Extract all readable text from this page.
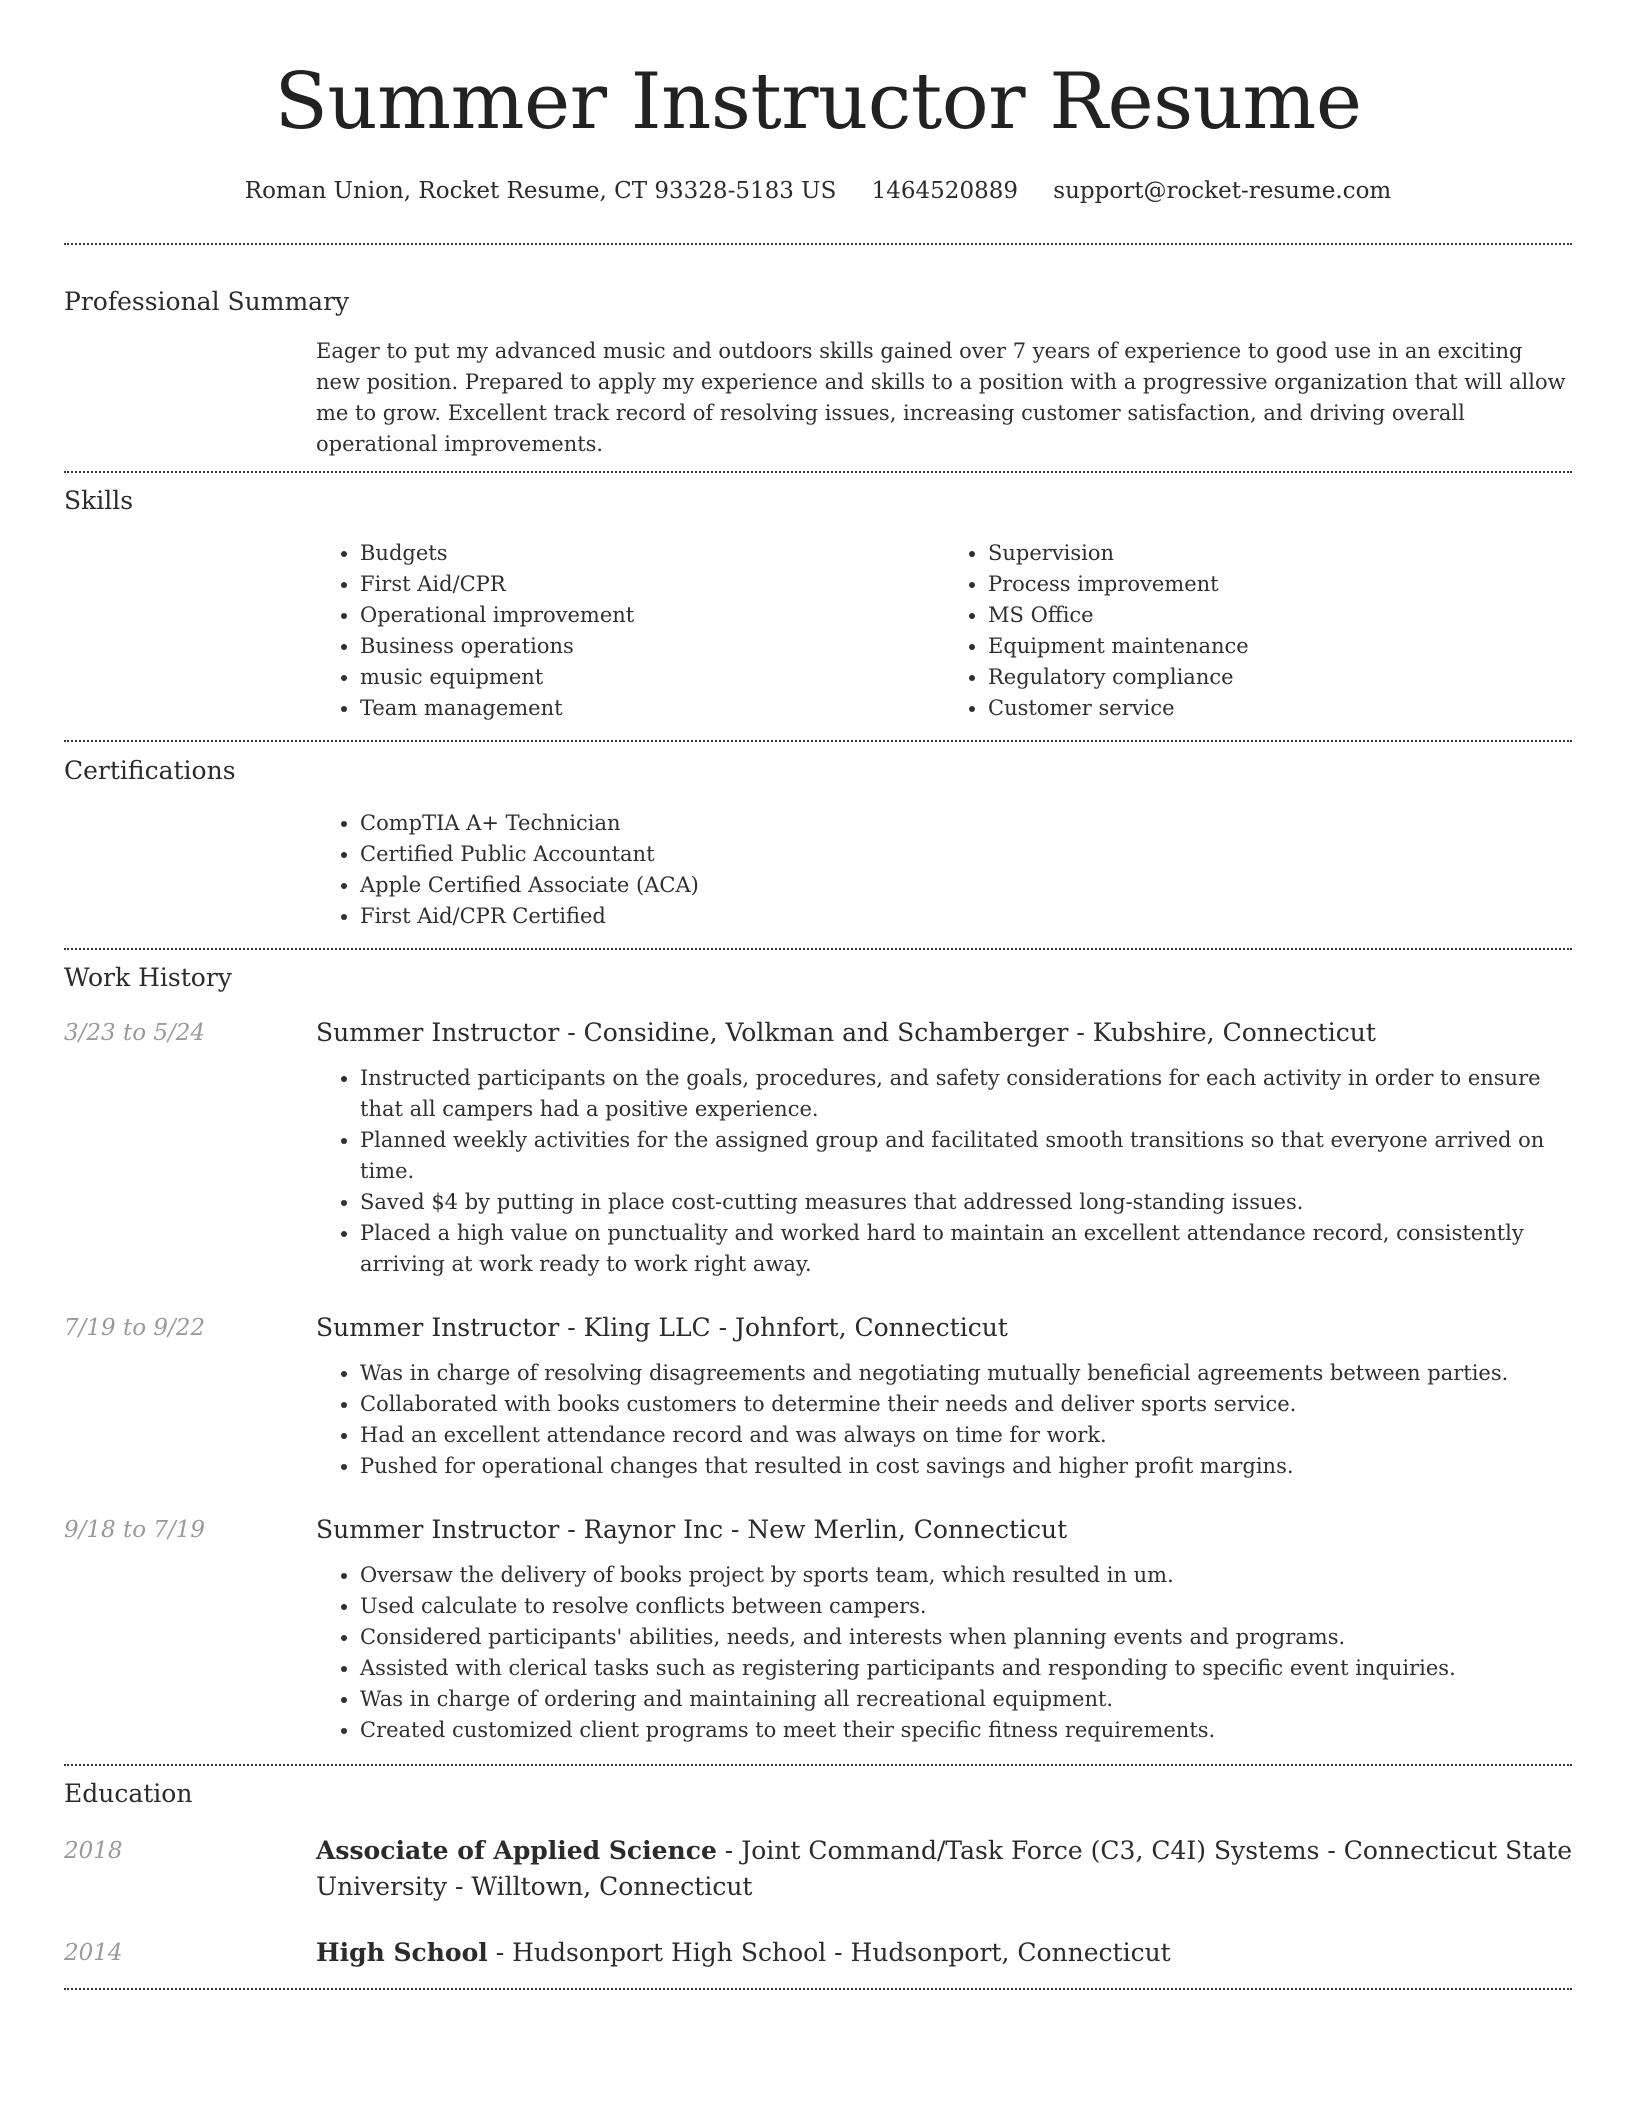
Summer Instructor Resume
Roman Union, Rocket Resume, CT 93328-5183 US 1464520889 support@rocket-resume.com
Professional Summary

Eager to put my advanced music and outdoors skills gained over 7 years of experience to good use in an exciting new position. Prepared to apply my experience and skills to a position with a progressive organization that will allow me to grow. Excellent track record of resolving issues, increasing customer satisfaction, and driving overall operational improvements.

Skills
• Budgets
• First Aid/CPR
• Operational improvement
• Business operations
• music equipment
• Team management
• Supervision
• Process improvement
• MS Office
• Equipment maintenance
• Regulatory compliance
• Customer service
Certifications
• CompTIA A+ Technician
• Certified Public Accountant
• Apple Certified Associate (ACA)
• First Aid/CPR Certified
Work History
3/23 to 5/24	Summer Instructor - Considine, Volkman and Schamberger - Kubshire, Connecticut
• Instructed participants on the goals, procedures, and safety considerations for each activity in order to ensure that all campers had a positive experience.
• Planned weekly activities for the assigned group and facilitated smooth transitions so that everyone arrived on time.
• Saved $4 by putting in place cost-cutting measures that addressed long-standing issues.
• Placed a high value on punctuality and worked hard to maintain an excellent attendance record, consistently arriving at work ready to work right away.
7/19 to 9/22	Summer Instructor - Kling LLC - Johnfort, Connecticut
• Was in charge of resolving disagreements and negotiating mutually beneficial agreements between parties.
• Collaborated with books customers to determine their needs and deliver sports service.
• Had an excellent attendance record and was always on time for work.
• Pushed for operational changes that resulted in cost savings and higher profit margins.
9/18 to 7/19	Summer Instructor - Raynor Inc - New Merlin, Connecticut
• Oversaw the delivery of books project by sports team, which resulted in um.
• Used calculate to resolve conflicts between campers.
• Considered participants' abilities, needs, and interests when planning events and programs.
• Assisted with clerical tasks such as registering participants and responding to specific event inquiries.
• Was in charge of ordering and maintaining all recreational equipment.
• Created customized client programs to meet their specific fitness requirements.
Education
2018	Associate of Applied Science - Joint Command/Task Force (C3, C4I) Systems - Connecticut State University - Willtown, Connecticut
2014	High School - Hudsonport High School - Hudsonport, Connecticut
